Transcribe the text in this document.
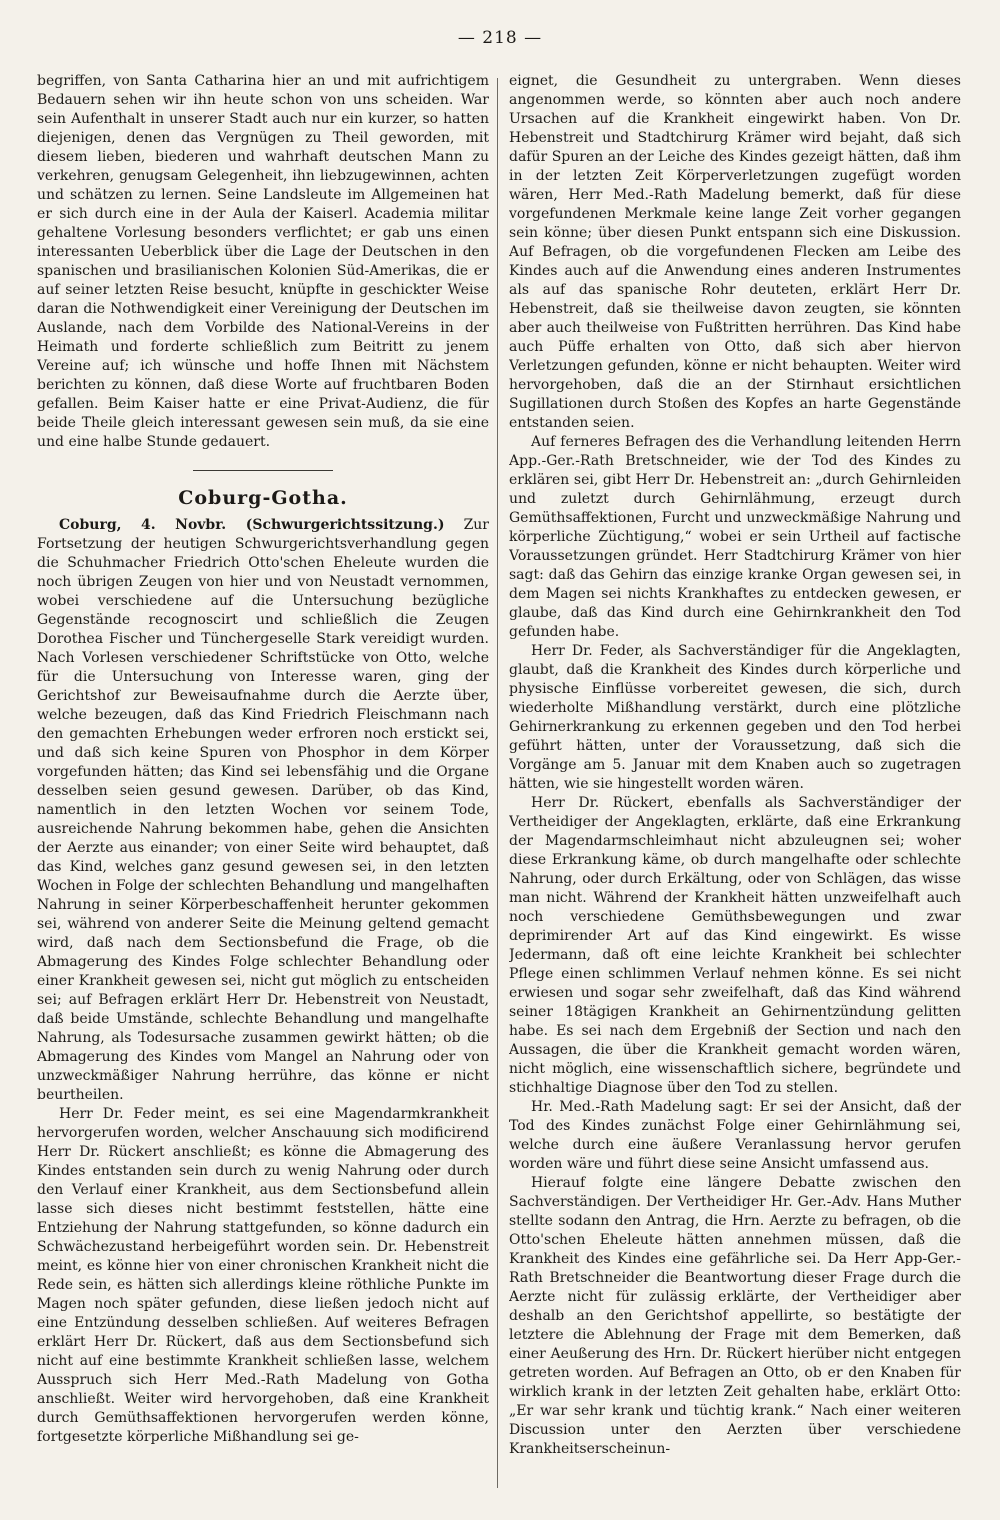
— 218 —

begriffen, von Santa Catharina hier an und mit aufrichtigem Bedauern sehen wir ihn heute schon von uns scheiden. War sein Aufenthalt in unserer Stadt auch nur ein kurzer, so hatten diejenigen, denen das Vergnügen zu Theil geworden, mit diesem lieben, biederen und wahrhaft deutschen Mann zu verkehren, genugsam Gelegenheit, ihn liebzugewinnen, achten und schätzen zu lernen. Seine Landsleute im Allgemeinen hat er sich durch eine in der Aula der Kaiserl. Academia militar gehaltene Vorlesung besonders verflichtet; er gab uns einen interessanten Ueberblick über die Lage der Deutschen in den spanischen und brasilianischen Kolonien Süd-Amerikas, die er auf seiner letzten Reise besucht, knüpfte in geschickter Weise daran die Nothwendigkeit einer Vereinigung der Deutschen im Auslande, nach dem Vorbilde des National-Vereins in der Heimath und forderte schließlich zum Beitritt zu jenem Vereine auf; ich wünsche und hoffe Ihnen mit Nächstem berichten zu können, daß diese Worte auf fruchtbaren Boden gefallen. Beim Kaiser hatte er eine Privat-Audienz, die für beide Theile gleich interessant gewesen sein muß, da sie eine und eine halbe Stunde gedauert.

Coburg-Gotha.

Coburg, 4. Novbr. (Schwurgerichtssitzung.) Zur Fortsetzung der heutigen Schwurgerichtsverhandlung gegen die Schuhmacher Friedrich Otto'schen Eheleute wurden die noch übrigen Zeugen von hier und von Neustadt vernommen, wobei verschiedene auf die Untersuchung bezügliche Gegenstände recognoscirt und schließlich die Zeugen Dorothea Fischer und Tünchergeselle Stark vereidigt wurden. Nach Vorlesen verschiedener Schriftstücke von Otto, welche für die Untersuchung von Interesse waren, ging der Gerichtshof zur Beweisaufnahme durch die Aerzte über, welche bezeugen, daß das Kind Friedrich Fleischmann nach den gemachten Erhebungen weder erfroren noch erstickt sei, und daß sich keine Spuren von Phosphor in dem Körper vorgefunden hätten; das Kind sei lebensfähig und die Organe desselben seien gesund gewesen. Darüber, ob das Kind, namentlich in den letzten Wochen vor seinem Tode, ausreichende Nahrung bekommen habe, gehen die Ansichten der Aerzte aus einander; von einer Seite wird behauptet, daß das Kind, welches ganz gesund gewesen sei, in den letzten Wochen in Folge der schlechten Behandlung und mangelhaften Nahrung in seiner Körperbeschaffenheit herunter gekommen sei, während von anderer Seite die Meinung geltend gemacht wird, daß nach dem Sectionsbefund die Frage, ob die Abmagerung des Kindes Folge schlechter Behandlung oder einer Krankheit gewesen sei, nicht gut möglich zu entscheiden sei; auf Befragen erklärt Herr Dr. Hebenstreit von Neustadt, daß beide Umstände, schlechte Behandlung und mangelhafte Nahrung, als Todesursache zusammen gewirkt hätten; ob die Abmagerung des Kindes vom Mangel an Nahrung oder von unzweckmäßiger Nahrung herrühre, das könne er nicht beurtheilen.

Herr Dr. Feder meint, es sei eine Magendarmkrankheit hervorgerufen worden, welcher Anschauung sich modificirend Herr Dr. Rückert anschließt; es könne die Abmagerung des Kindes entstanden sein durch zu wenig Nahrung oder durch den Verlauf einer Krankheit, aus dem Sectionsbefund allein lasse sich dieses nicht bestimmt feststellen, hätte eine Entziehung der Nahrung stattgefunden, so könne dadurch ein Schwächezustand herbeigeführt worden sein. Dr. Hebenstreit meint, es könne hier von einer chronischen Krankheit nicht die Rede sein, es hätten sich allerdings kleine röthliche Punkte im Magen noch später gefunden, diese ließen jedoch nicht auf eine Entzündung desselben schließen. Auf weiteres Befragen erklärt Herr Dr. Rückert, daß aus dem Sectionsbefund sich nicht auf eine bestimmte Krankheit schließen lasse, welchem Ausspruch sich Herr Med.-Rath Madelung von Gotha anschließt. Weiter wird hervorgehoben, daß eine Krankheit durch Gemüthsaffektionen hervorgerufen werden könne, fortgesetzte körperliche Mißhandlung sei ge-

eignet, die Gesundheit zu untergraben. Wenn dieses angenommen werde, so könnten aber auch noch andere Ursachen auf die Krankheit eingewirkt haben. Von Dr. Hebenstreit und Stadtchirurg Krämer wird bejaht, daß sich dafür Spuren an der Leiche des Kindes gezeigt hätten, daß ihm in der letzten Zeit Körperverletzungen zugefügt worden wären, Herr Med.-Rath Madelung bemerkt, daß für diese vorgefundenen Merkmale keine lange Zeit vorher gegangen sein könne; über diesen Punkt entspann sich eine Diskussion. Auf Befragen, ob die vorgefundenen Flecken am Leibe des Kindes auch auf die Anwendung eines anderen Instrumentes als auf das spanische Rohr deuteten, erklärt Herr Dr. Hebenstreit, daß sie theilweise davon zeugten, sie könnten aber auch theilweise von Fußtritten herrühren. Das Kind habe auch Püffe erhalten von Otto, daß sich aber hiervon Verletzungen gefunden, könne er nicht behaupten. Weiter wird hervorgehoben, daß die an der Stirnhaut ersichtlichen Sugillationen durch Stoßen des Kopfes an harte Gegenstände entstanden seien.

Auf ferneres Befragen des die Verhandlung leitenden Herrn App.-Ger.-Rath Bretschneider, wie der Tod des Kindes zu erklären sei, gibt Herr Dr. Hebenstreit an: „durch Gehirnleiden und zuletzt durch Gehirnlähmung, erzeugt durch Gemüthsaffektionen, Furcht und unzweckmäßige Nahrung und körperliche Züchtigung,“ wobei er sein Urtheil auf factische Voraussetzungen gründet. Herr Stadtchirurg Krämer von hier sagt: daß das Gehirn das einzige kranke Organ gewesen sei, in dem Magen sei nichts Krankhaftes zu entdecken gewesen, er glaube, daß das Kind durch eine Gehirnkrankheit den Tod gefunden habe.

Herr Dr. Feder, als Sachverständiger für die Angeklagten, glaubt, daß die Krankheit des Kindes durch körperliche und physische Einflüsse vorbereitet gewesen, die sich, durch wiederholte Mißhandlung verstärkt, durch eine plötzliche Gehirnerkrankung zu erkennen gegeben und den Tod herbei geführt hätten, unter der Voraussetzung, daß sich die Vorgänge am 5. Januar mit dem Knaben auch so zugetragen hätten, wie sie hingestellt worden wären.

Herr Dr. Rückert, ebenfalls als Sachverständiger der Vertheidiger der Angeklagten, erklärte, daß eine Erkrankung der Magendarmschleimhaut nicht abzuleugnen sei; woher diese Erkrankung käme, ob durch mangelhafte oder schlechte Nahrung, oder durch Erkältung, oder von Schlägen, das wisse man nicht. Während der Krankheit hätten unzweifelhaft auch noch verschiedene Gemüthsbewegungen und zwar deprimirender Art auf das Kind eingewirkt. Es wisse Jedermann, daß oft eine leichte Krankheit bei schlechter Pflege einen schlimmen Verlauf nehmen könne. Es sei nicht erwiesen und sogar sehr zweifelhaft, daß das Kind während seiner 18tägigen Krankheit an Gehirnentzündung gelitten habe. Es sei nach dem Ergebniß der Section und nach den Aussagen, die über die Krankheit gemacht worden wären, nicht möglich, eine wissenschaftlich sichere, begründete und stichhaltige Diagnose über den Tod zu stellen.

Hr. Med.-Rath Madelung sagt: Er sei der Ansicht, daß der Tod des Kindes zunächst Folge einer Gehirnlähmung sei, welche durch eine äußere Veranlassung hervor gerufen worden wäre und führt diese seine Ansicht umfassend aus.

Hierauf folgte eine längere Debatte zwischen den Sachverständigen. Der Vertheidiger Hr. Ger.-Adv. Hans Muther stellte sodann den Antrag, die Hrn. Aerzte zu befragen, ob die Otto'schen Eheleute hätten annehmen müssen, daß die Krankheit des Kindes eine gefährliche sei. Da Herr App-Ger.-Rath Bretschneider die Beantwortung dieser Frage durch die Aerzte nicht für zulässig erklärte, der Vertheidiger aber deshalb an den Gerichtshof appellirte, so bestätigte der letztere die Ablehnung der Frage mit dem Bemerken, daß einer Aeußerung des Hrn. Dr. Rückert hierüber nicht entgegen getreten worden. Auf Befragen an Otto, ob er den Knaben für wirklich krank in der letzten Zeit gehalten habe, erklärt Otto: „Er war sehr krank und tüchtig krank.“ Nach einer weiteren Discussion unter den Aerzten über verschiedene Krankheitserscheinun-
